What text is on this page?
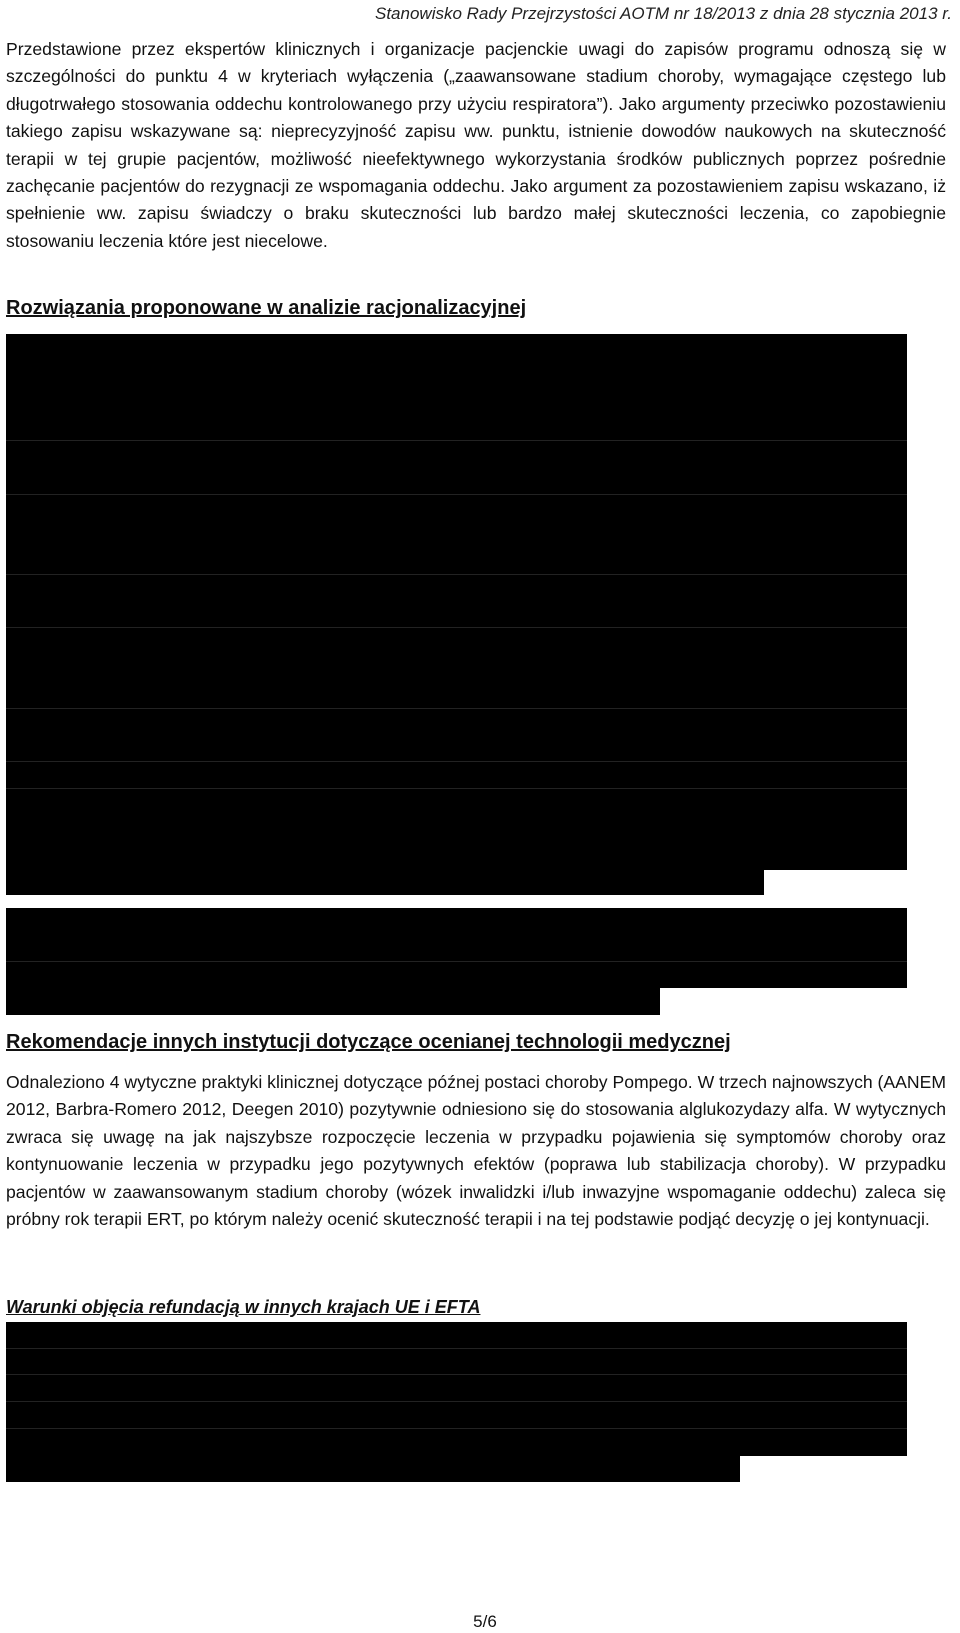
Stanowisko Rady Przejrzystości AOTM nr 18/2013 z dnia 28 stycznia 2013 r.

Przedstawione przez ekspertów klinicznych i organizacje pacjenckie uwagi do zapisów programu odnoszą się w szczególności do punktu 4 w kryteriach wyłączenia („zaawansowane stadium choroby, wymagające częstego lub długotrwałego stosowania oddechu kontrolowanego przy użyciu respiratora”). Jako argumenty przeciwko pozostawieniu takiego zapisu wskazywane są: nieprecyzyjność zapisu ww. punktu, istnienie dowodów naukowych na skuteczność terapii w tej grupie pacjentów, możliwość nieefektywnego wykorzystania środków publicznych poprzez pośrednie zachęcanie pacjentów do rezygnacji ze wspomagania oddechu. Jako argument za pozostawieniem zapisu wskazano, iż spełnienie ww. zapisu świadczy o braku skuteczności lub bardzo małej skuteczności leczenia, co zapobiegnie stosowaniu leczenia które jest niecelowe.

Rozwiązania proponowane w analizie racjonalizacyjnej
Rekomendacje innych instytucji dotyczące ocenianej technologii medycznej

Odnaleziono 4 wytyczne praktyki klinicznej dotyczące późnej postaci choroby Pompego. W trzech najnowszych (AANEM 2012, Barbra-Romero 2012, Deegen 2010) pozytywnie odniesiono się do stosowania alglukozydazy alfa. W wytycznych zwraca się uwagę na jak najszybsze rozpoczęcie leczenia w przypadku pojawienia się symptomów choroby oraz kontynuowanie leczenia w przypadku jego pozytywnych efektów (poprawa lub stabilizacja choroby). W przypadku pacjentów w zaawansowanym stadium choroby (wózek inwalidzki i/lub inwazyjne wspomaganie oddechu) zaleca się próbny rok terapii ERT, po którym należy ocenić skuteczność terapii i na tej podstawie podjąć decyzję o jej kontynuacji.

Warunki objęcia refundacją w innych krajach UE i EFTA
5/6
